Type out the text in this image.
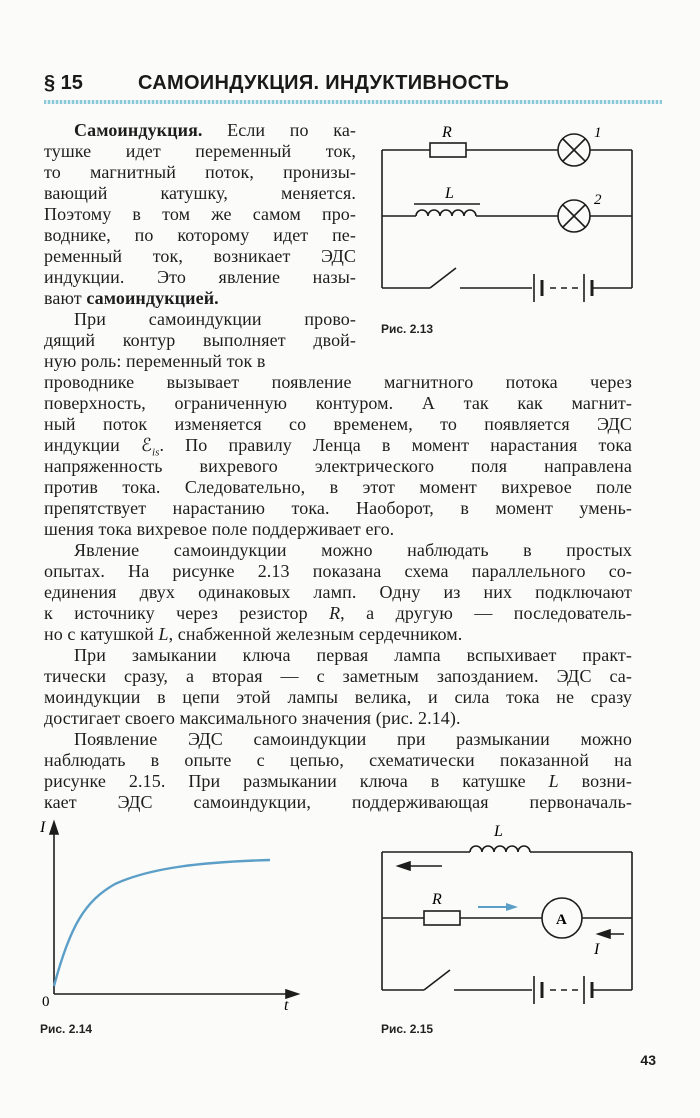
§ 15	САМОИНДУКЦИЯ. ИНДУКТИВНОСТЬ
Самоиндукция. Если по ка-
тушке идет переменный ток,
то магнитный поток, пронизы-
вающий катушку, меняется.
Поэтому в том же самом про-
воднике, по которому идет пе-
ременный ток, возникает ЭДС
индукции. Это явление назы-
вают самоиндукцией.
При самоиндукции прово-
дящий контур выполняет двой-
ную роль: переменный ток в
проводнике вызывает появление магнитного потока через
поверхность, ограниченную контуром. А так как магнит-
ный поток изменяется со временем, то появляется ЭДС
индукции ℰ$_{is}$. По правилу Ленца в момент нарастания тока
напряженность вихревого электрического поля направлена
против тока. Следовательно, в этот момент вихревое поле
препятствует нарастанию тока. Наоборот, в момент умень-
шения тока вихревое поле поддерживает его.
Явление самоиндукции можно наблюдать в простых
опытах. На рисунке 2.13 показана схема параллельного со-
единения двух одинаковых ламп. Одну из них подключают
к источнику через резистор R, а другую — последователь-
но с катушкой L, снабженной железным сердечником.
При замыкании ключа первая лампа вспыхивает практ-
тически сразу, а вторая — с заметным запозданием. ЭДС са-
моиндукции в цепи этой лампы велика, и сила тока не сразу
достигает своего максимального значения (рис. 2.14).
Появление ЭДС самоиндукции при размыкании можно
наблюдать в опыте с цепью, схематически показанной на
рисунке 2.15. При размыкании ключа в катушке L возни-
кает ЭДС самоиндукции, поддерживающая первоначаль-
R
L
1
2
Рис. 2.13
I
t
0
Рис. 2.14
L
R
A
I
Рис. 2.15
43
